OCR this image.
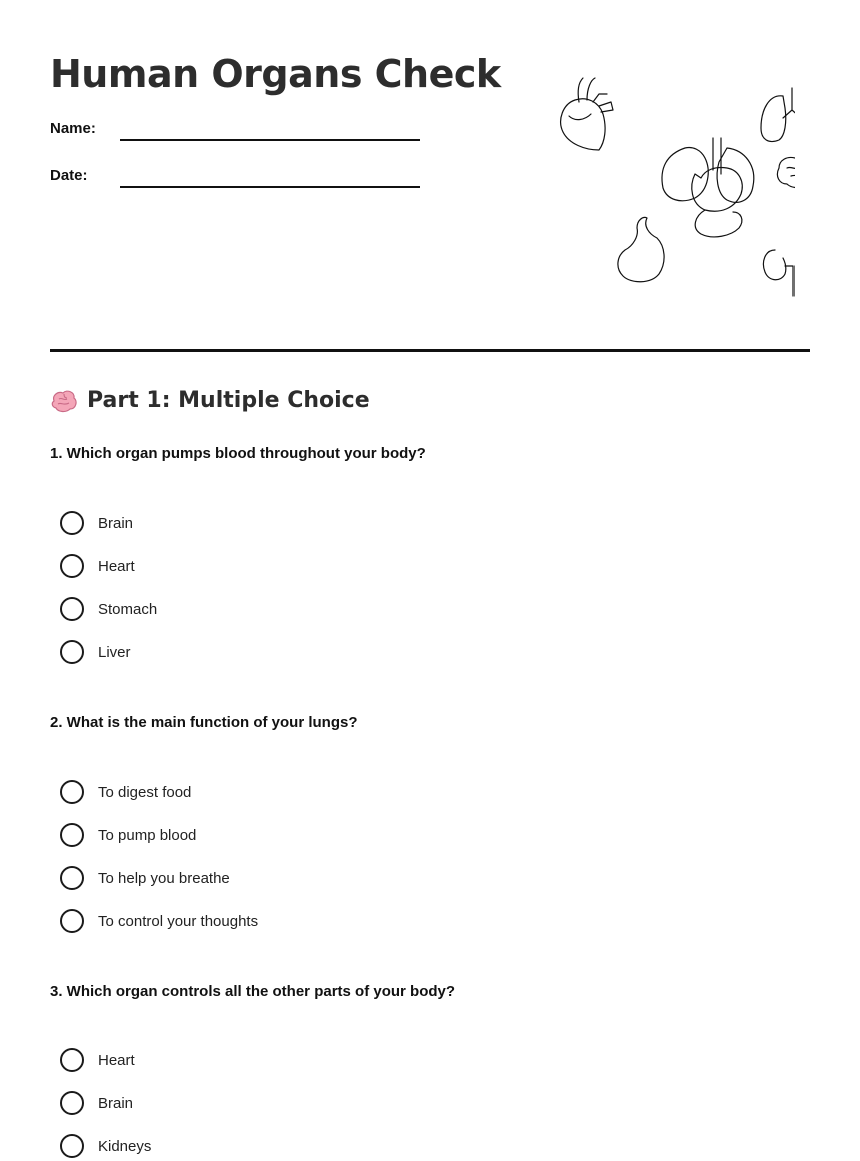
Human Organs Check
Name:
Date:
Part 1: Multiple Choice
1. Which organ pumps blood throughout your body?
Brain
Heart
Stomach
Liver
2. What is the main function of your lungs?
To digest food
To pump blood
To help you breathe
To control your thoughts
3. Which organ controls all the other parts of your body?
Heart
Brain
Kidneys
